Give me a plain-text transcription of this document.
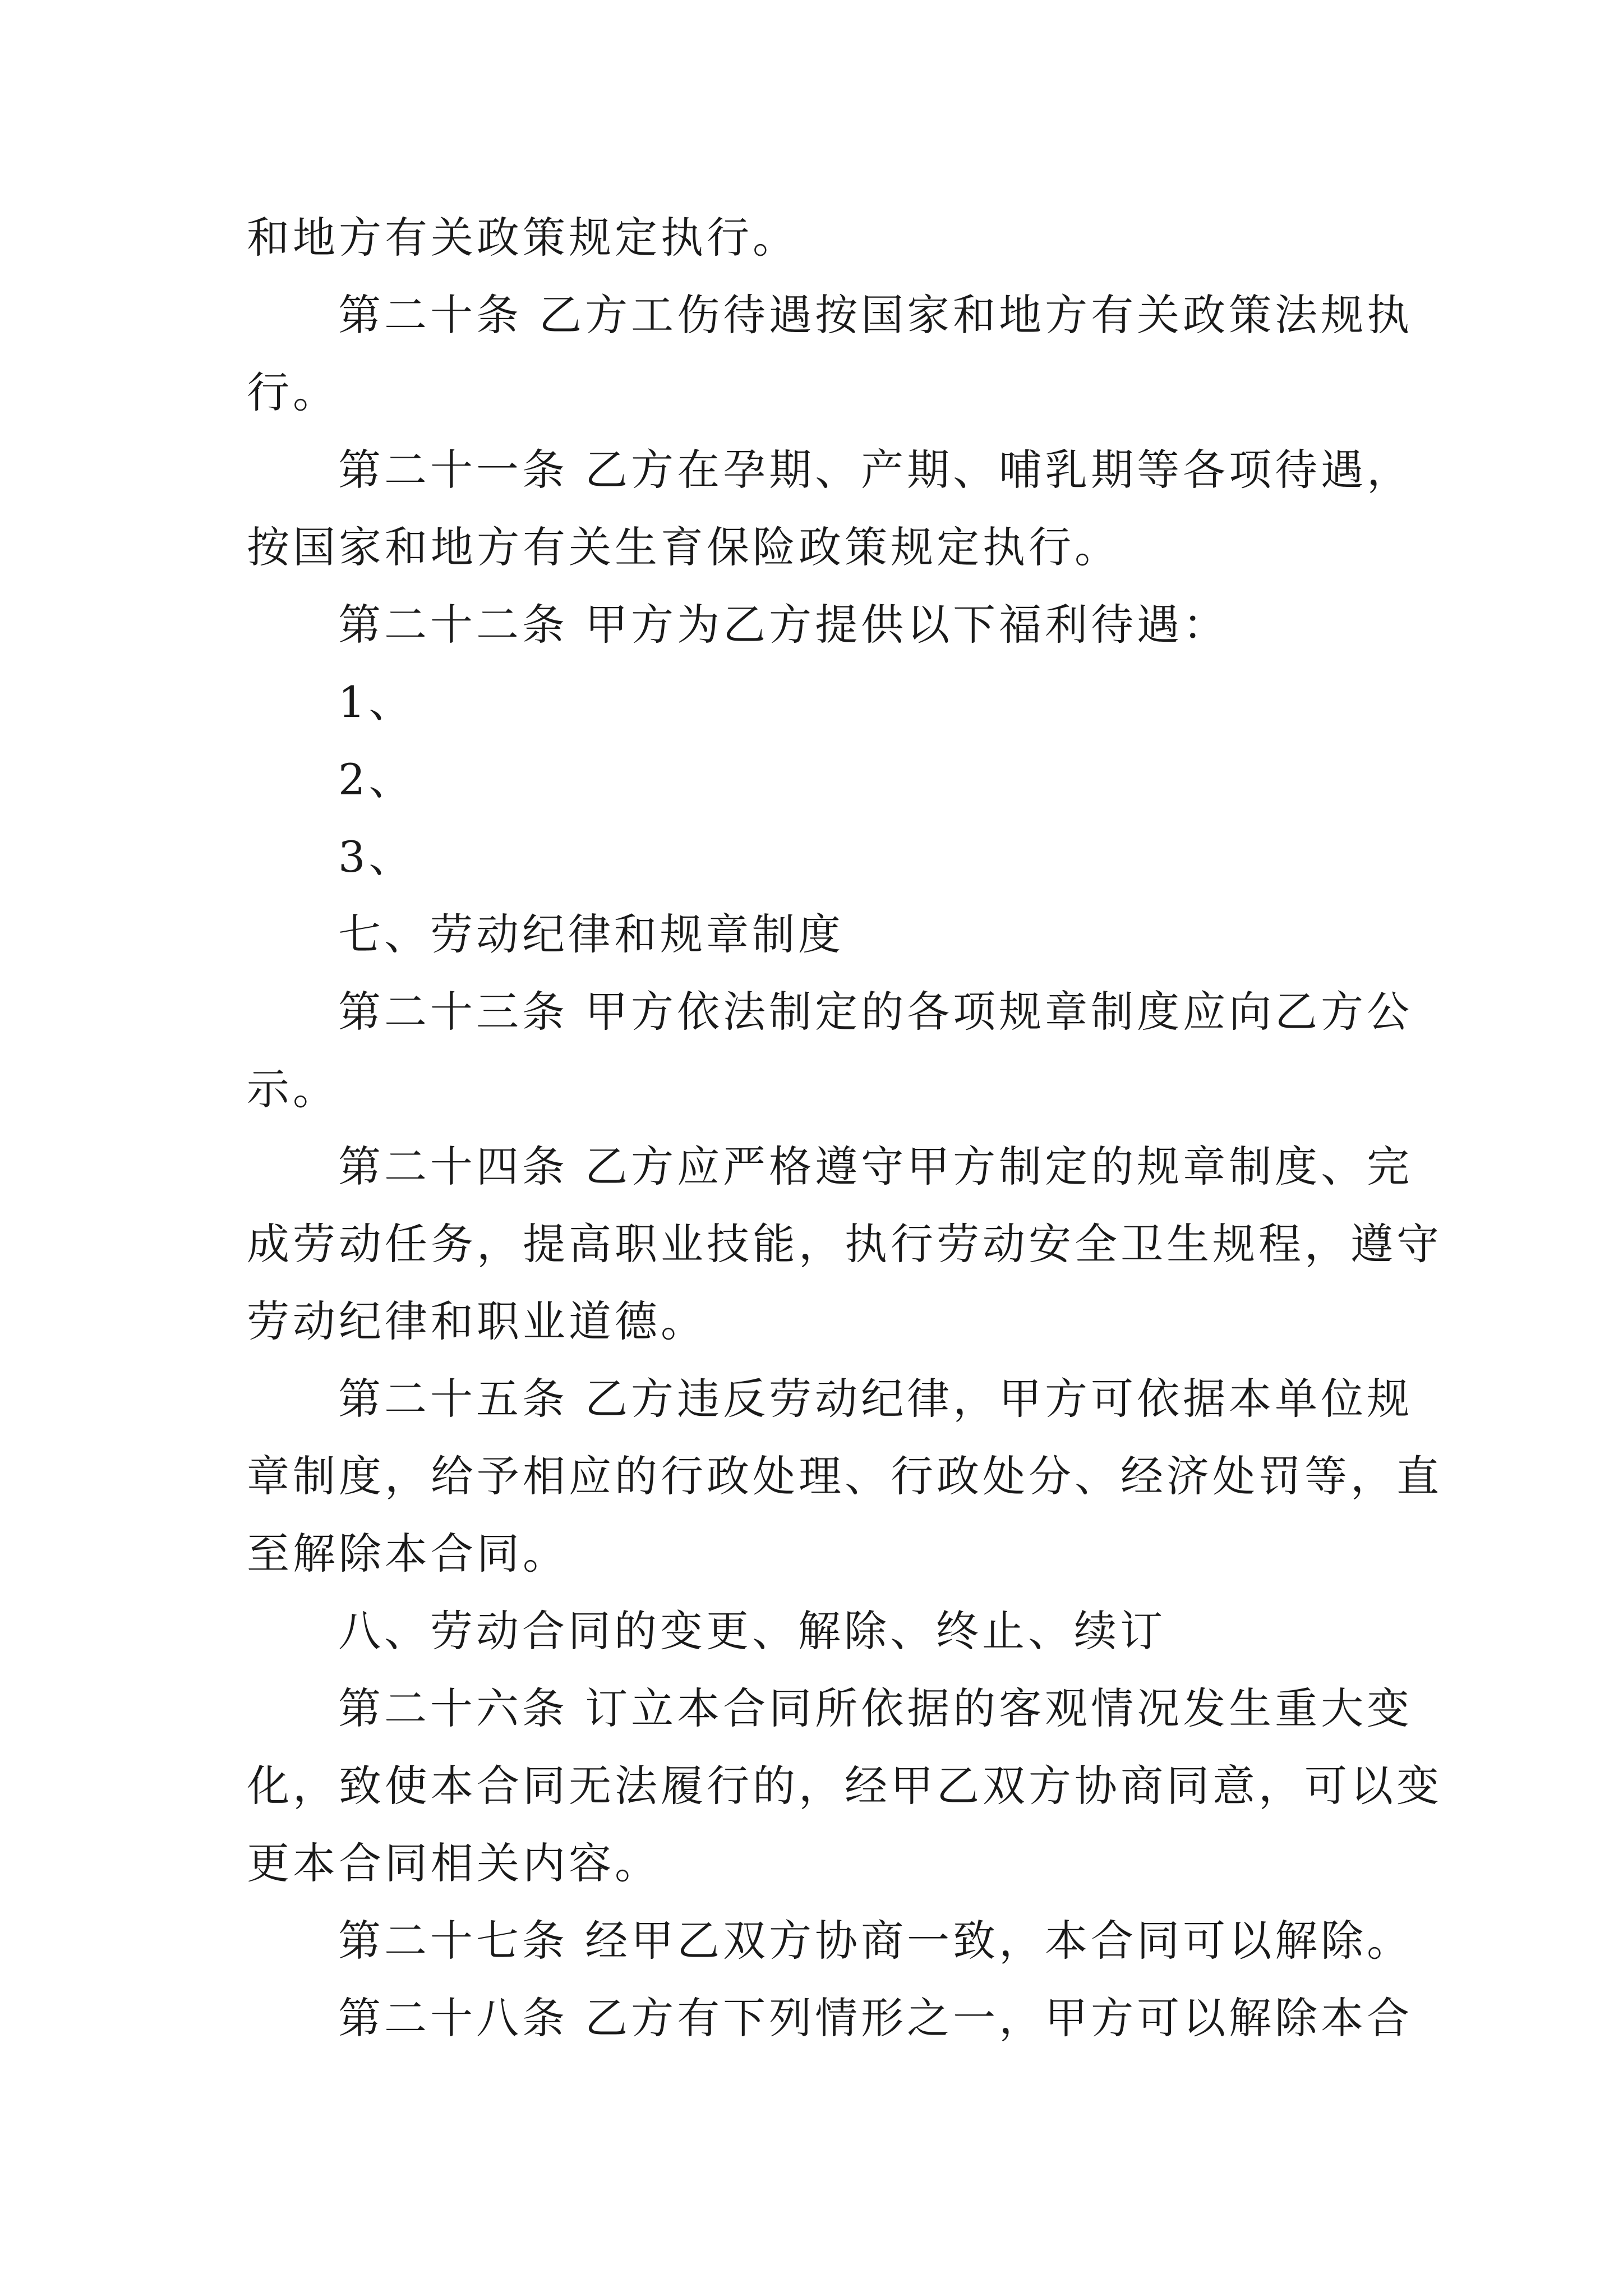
和地方有关政策规定执行。
第二十条 乙方工伤待遇按国家和地方有关政策法规执
行。
第二十一条 乙方在孕期、产期、哺乳期等各项待遇，
按国家和地方有关生育保险政策规定执行。
第二十二条 甲方为乙方提供以下福利待遇：
1、
2、
3、
七、劳动纪律和规章制度
第二十三条 甲方依法制定的各项规章制度应向乙方公
示。
第二十四条 乙方应严格遵守甲方制定的规章制度、完
成劳动任务，提高职业技能，执行劳动安全卫生规程，遵守
劳动纪律和职业道德。
第二十五条 乙方违反劳动纪律，甲方可依据本单位规
章制度，给予相应的行政处理、行政处分、经济处罚等，直
至解除本合同。
八、劳动合同的变更、解除、终止、续订
第二十六条 订立本合同所依据的客观情况发生重大变
化，致使本合同无法履行的，经甲乙双方协商同意，可以变
更本合同相关内容。
第二十七条 经甲乙双方协商一致，本合同可以解除。
第二十八条 乙方有下列情形之一，甲方可以解除本合
